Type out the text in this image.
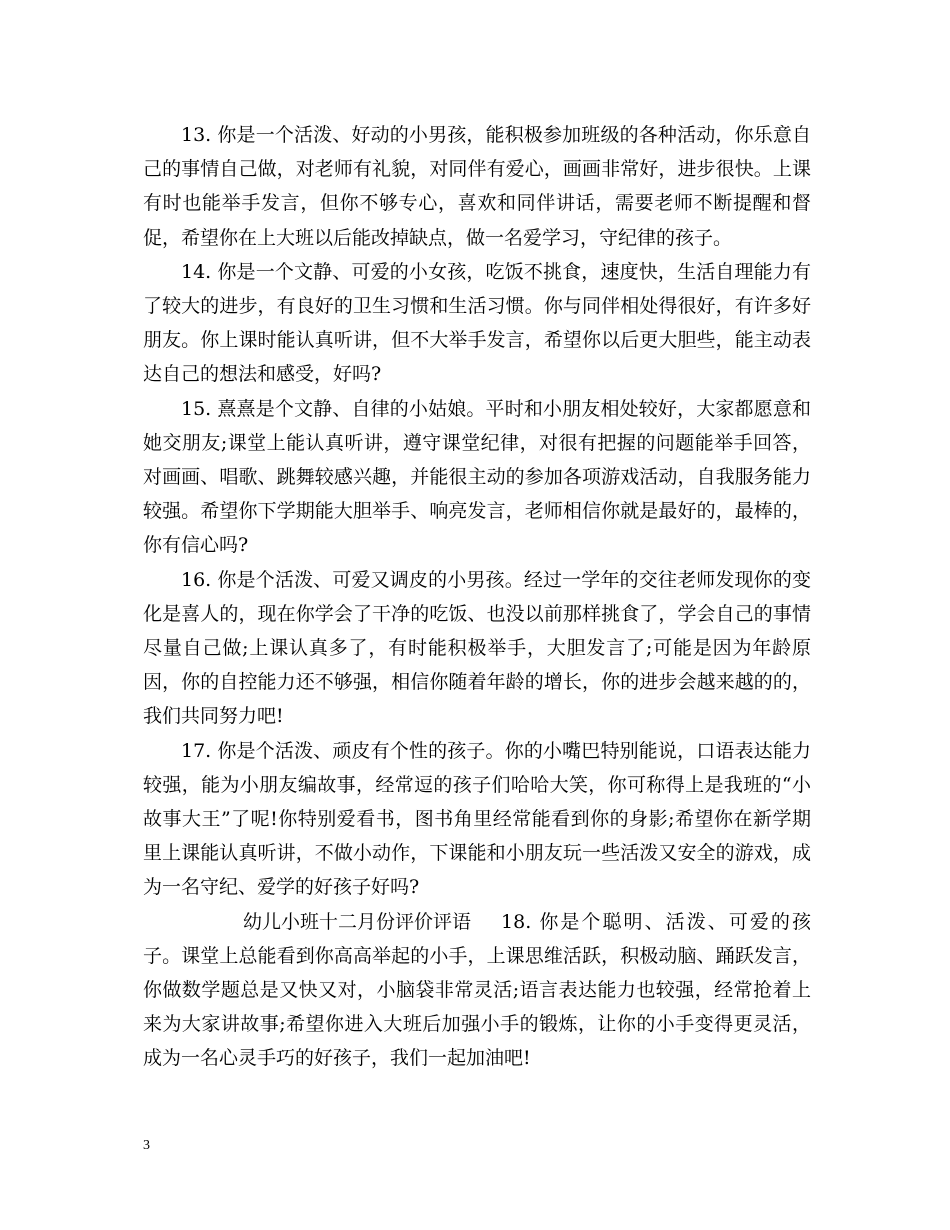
13. 你是一个活泼、好动的小男孩，能积极参加班级的各种活动，你乐意自己的事情自己做，对老师有礼貌，对同伴有爱心，画画非常好，进步很快。上课有时也能举手发言，但你不够专心，喜欢和同伴讲话，需要老师不断提醒和督促，希望你在上大班以后能改掉缺点，做一名爱学习，守纪律的孩子。

14. 你是一个文静、可爱的小女孩，吃饭不挑食，速度快，生活自理能力有了较大的进步，有良好的卫生习惯和生活习惯。你与同伴相处得很好，有许多好朋友。你上课时能认真听讲，但不大举手发言，希望你以后更大胆些，能主动表达自己的想法和感受，好吗?

15. 熹熹是个文静、自律的小姑娘。平时和小朋友相处较好，大家都愿意和她交朋友;课堂上能认真听讲，遵守课堂纪律，对很有把握的问题能举手回答，对画画、唱歌、跳舞较感兴趣，并能很主动的参加各项游戏活动，自我服务能力较强。希望你下学期能大胆举手、响亮发言，老师相信你就是最好的，最棒的，你有信心吗?

16. 你是个活泼、可爱又调皮的小男孩。经过一学年的交往老师发现你的变化是喜人的，现在你学会了干净的吃饭、也没以前那样挑食了，学会自己的事情尽量自己做;上课认真多了，有时能积极举手，大胆发言了;可能是因为年龄原因，你的自控能力还不够强，相信你随着年龄的增长，你的进步会越来越的的，我们共同努力吧!

17. 你是个活泼、顽皮有个性的孩子。你的小嘴巴特别能说，口语表达能力较强，能为小朋友编故事，经常逗的孩子们哈哈大笑，你可称得上是我班的“小故事大王”了呢!你特别爱看书，图书角里经常能看到你的身影;希望你在新学期里上课能认真听讲，不做小动作，下课能和小朋友玩一些活泼又安全的游戏，成为一名守纪、爱学的好孩子好吗?

幼儿小班十二月份评价评语 18. 你是个聪明、活泼、可爱的孩子。课堂上总能看到你高高举起的小手，上课思维活跃，积极动脑、踊跃发言，你做数学题总是又快又对，小脑袋非常灵活;语言表达能力也较强，经常抢着上来为大家讲故事;希望你进入大班后加强小手的锻炼，让你的小手变得更灵活，成为一名心灵手巧的好孩子，我们一起加油吧!

3
